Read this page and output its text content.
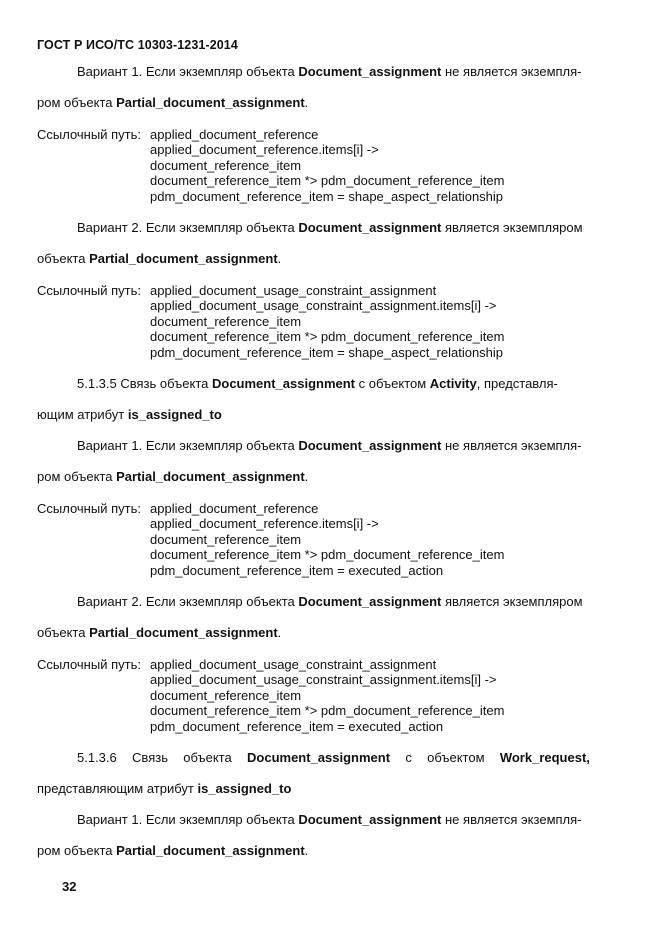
ГОСТ Р ИСО/ТС 10303-1231-2014
Вариант 1. Если экземпляр объекта Document_assignment не является экземпля-
ром объекта Partial_document_assignment.
Ссылочный путь: applied_document_reference
applied_document_reference.items[i] ->
document_reference_item
document_reference_item *> pdm_document_reference_item
pdm_document_reference_item = shape_aspect_relationship
Вариант 2. Если экземпляр объекта Document_assignment является экземпляром
объекта Partial_document_assignment.
Ссылочный путь: applied_document_usage_constraint_assignment
applied_document_usage_constraint_assignment.items[i] ->
document_reference_item
document_reference_item *> pdm_document_reference_item
pdm_document_reference_item = shape_aspect_relationship
5.1.3.5 Связь объекта Document_assignment с объектом Activity, представля-
ющим атрибут is_assigned_to
Вариант 1. Если экземпляр объекта Document_assignment не является экземпля-
ром объекта Partial_document_assignment.
Ссылочный путь: applied_document_reference
applied_document_reference.items[i] ->
document_reference_item
document_reference_item *> pdm_document_reference_item
pdm_document_reference_item = executed_action
Вариант 2. Если экземпляр объекта Document_assignment является экземпляром
объекта Partial_document_assignment.
Ссылочный путь: applied_document_usage_constraint_assignment
applied_document_usage_constraint_assignment.items[i] ->
document_reference_item
document_reference_item *> pdm_document_reference_item
pdm_document_reference_item = executed_action
5.1.3.6 Связь объекта Document_assignment с объектом Work_request,
представляющим атрибут is_assigned_to
Вариант 1. Если экземпляр объекта Document_assignment не является экземпля-
ром объекта Partial_document_assignment.
32
